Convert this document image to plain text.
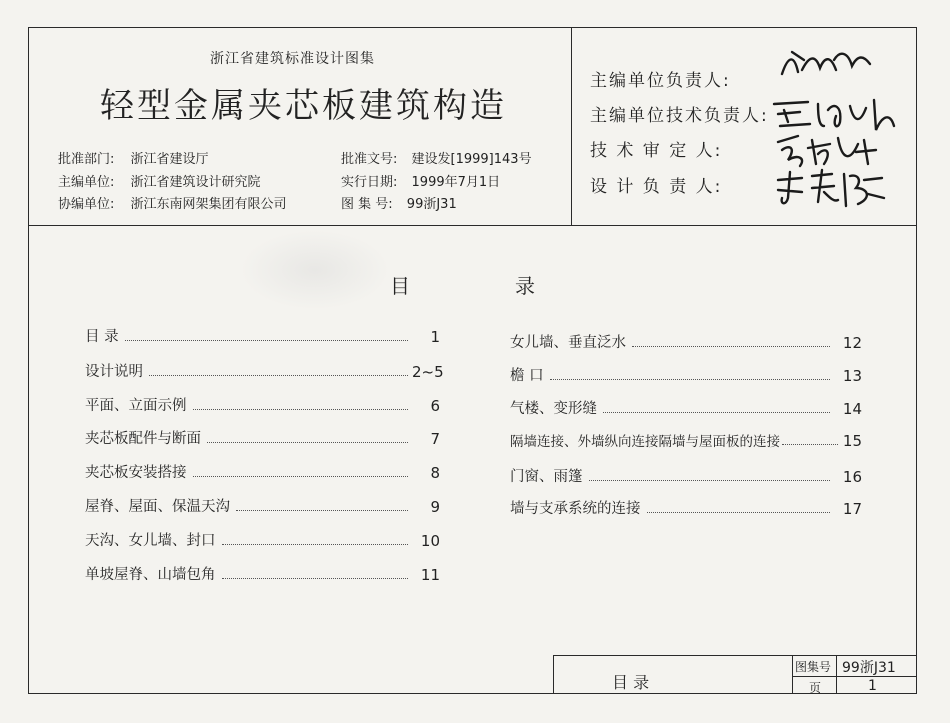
浙江省建筑标准设计图集
轻型金属夹芯板建筑构造
批准部门: 浙江省建设厅
主编单位: 浙江省建筑设计研究院
协编单位: 浙江东南网架集团有限公司
批准文号: 建设发[1999]143号
实行日期: 1999年7月1日
图 集 号: 99浙J31
主编单位负责人:
主编单位技术负责人:
技 术 审 定 人:
设 计 负 责 人:
目	录
目 录	1
设计说明	2~5
平面、立面示例	6
夹芯板配件与断面	7
夹芯板安装搭接	8
屋脊、屋面、保温天沟	9
天沟、女儿墙、封口	10
单坡屋脊、山墙包角	11
女儿墙、垂直泛水	12
檐 口	13
气楼、变形缝	14
隔墙连接、外墙纵向连接隔墙与屋面板的连接	15
门窗、雨篷	16
墙与支承系统的连接	17
目 录
图集号 99浙J31
页	1
